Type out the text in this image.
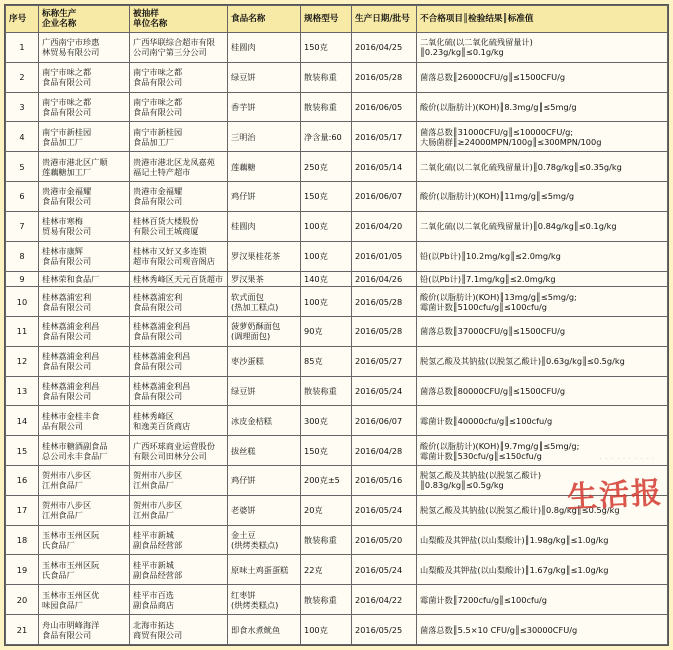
序号	标称生产
企业名称	被抽样
单位名称	食品名称	规格型号	生产日期/批号	不合格项目║检验结果║标准值

1	广西南宁市珍惠
林贸易有限公司	广西华联综合超市有限
公司南宁第三分公司	桂圆肉	150克	2016/04/25	二氧化硫(以二氧化硫残留量计)
║0.23g/kg║≤0.1g/kg

2	南宁市味之都
食品有限公司	南宁市味之都
食品有限公司	绿豆饼	散装称重	2016/05/28	菌落总数║26000CFU/g║≤1500CFU/g

3	南宁市味之都
食品有限公司	南宁市味之都
食品有限公司	香芋饼	散装称重	2016/06/05	酸价(以脂肪计)(KOH)║8.3mg/g║≤5mg/g

4	南宁市新桂园
食品加工厂	南宁市新桂园
食品加工厂	三明治	净含量:60	2016/05/17	菌落总数║31000CFU/g║≤10000CFU/g;
大肠菌群║≥24000MPN/100g║≤300MPN/100g

5	贵港市港北区广顺
莲藕糖加工厂	贵港市港北区龙凤嘉苑
福记土特产超市	莲藕糖	250克	2016/05/14	二氧化硫(以二氧化硫残留量计)║0.78g/kg║≤0.35g/kg

6	贵港市金福耀
食品有限公司	贵港市金福耀
食品有限公司	鸡仔饼	150克	2016/06/07	酸价(以脂肪计)(KOH)║11mg/g║≤5mg/g

7	桂林市寒梅
贸易有限公司	桂林百货大楼股份
有限公司王城商厦	桂圆肉	100克	2016/04/20	二氧化硫(以二氧化硫残留量计)║0.84g/kg║≤0.1g/kg

8	桂林市康辉
食品有限公司	桂林市又好又多连锁
超市有限公司观音阁店	罗汉果桂花茶	100克	2016/01/05	铅(以Pb计)║10.2mg/kg║≤2.0mg/kg

9	桂林荣和食品厂	桂林秀峰区天元百货超市	罗汉果茶	140克	2016/04/26	铅(以Pb计)║7.1mg/kg║≤2.0mg/kg

10	桂林荔浦宏利
食品有限公司	桂林荔浦宏利
食品有限公司	软式面包
(热加工糕点)	100克	2016/05/28	酸价(以脂肪计)(KOH)║13mg/g║≤5mg/g;
霉菌计数║5100cfu/g║≤100cfu/g

11	桂林荔浦金利昌
食品有限公司	桂林荔浦金利昌
食品有限公司	菠萝奶酥面包
(调理面包)	90克	2016/05/28	菌落总数║37000CFU/g║≤1500CFU/g

12	桂林荔浦金利昌
食品有限公司	桂林荔浦金利昌
食品有限公司	枣沙蛋糕	85克	2016/05/27	脱氢乙酸及其钠盐(以脱氢乙酸计)║0.63g/kg║≤0.5g/kg

13	桂林荔浦金利昌
食品有限公司	桂林荔浦金利昌
食品有限公司	绿豆饼	散装称重	2016/05/24	菌落总数║80000CFU/g║≤1500CFU/g

14	桂林市金桂丰食
品有限公司	桂林秀峰区
和逸美百货商店	冰皮金桔糕	300克	2016/06/07	霉菌计数║40000cfu/g║≤100cfu/g

15	桂林市糖酒副食品
总公司永丰食品厂	广西环球商业运营股份
有限公司田林分公司	拔丝糕	150克	2016/04/28	酸价(以脂肪计)(KOH)║9.7mg/g║≤5mg/g;
霉菌计数║530cfu/g║≤150cfu/g

16	贺州市八步区
江州食品厂	贺州市八步区
江州食品厂	鸡仔饼	200克±5	2016/05/16	脱氢乙酸及其钠盐(以脱氢乙酸计)
║0.83g/kg║≤0.5g/kg

17	贺州市八步区
江州食品厂	贺州市八步区
江州食品厂	老婆饼	20克	2016/05/24	脱氢乙酸及其钠盐(以脱氢乙酸计)║0.8g/kg║≤0.5g/kg

18	玉林市玉州区阮
氏食品厂	桂平市新城
副食品经营部	金土豆
(烘烤类糕点)	散装称重	2016/05/20	山梨酸及其钾盐(以山梨酸计)║1.98g/kg║≤1.0g/kg

19	玉林市玉州区阮
氏食品厂	桂平市新城
副食品经营部	原味土鸡蛋蛋糕	22克	2016/05/24	山梨酸及其钾盐(以山梨酸计)║1.67g/kg║≤1.0g/kg

20	玉林市玉州区优
味园食品厂	桂平市百选
副食品商店	红枣饼
(烘烤类糕点)	散装称重	2016/04/22	霉菌计数║7200cfu/g║≤100cfu/g

21	舟山市明峰海洋
食品有限公司	北海市拓达
商贸有限公司	即食水煮鱿鱼	100克	2016/05/25	菌落总数║5.5×10 CFU/g║≤30000CFU/g
· · · · · · · · · ·
生活报
